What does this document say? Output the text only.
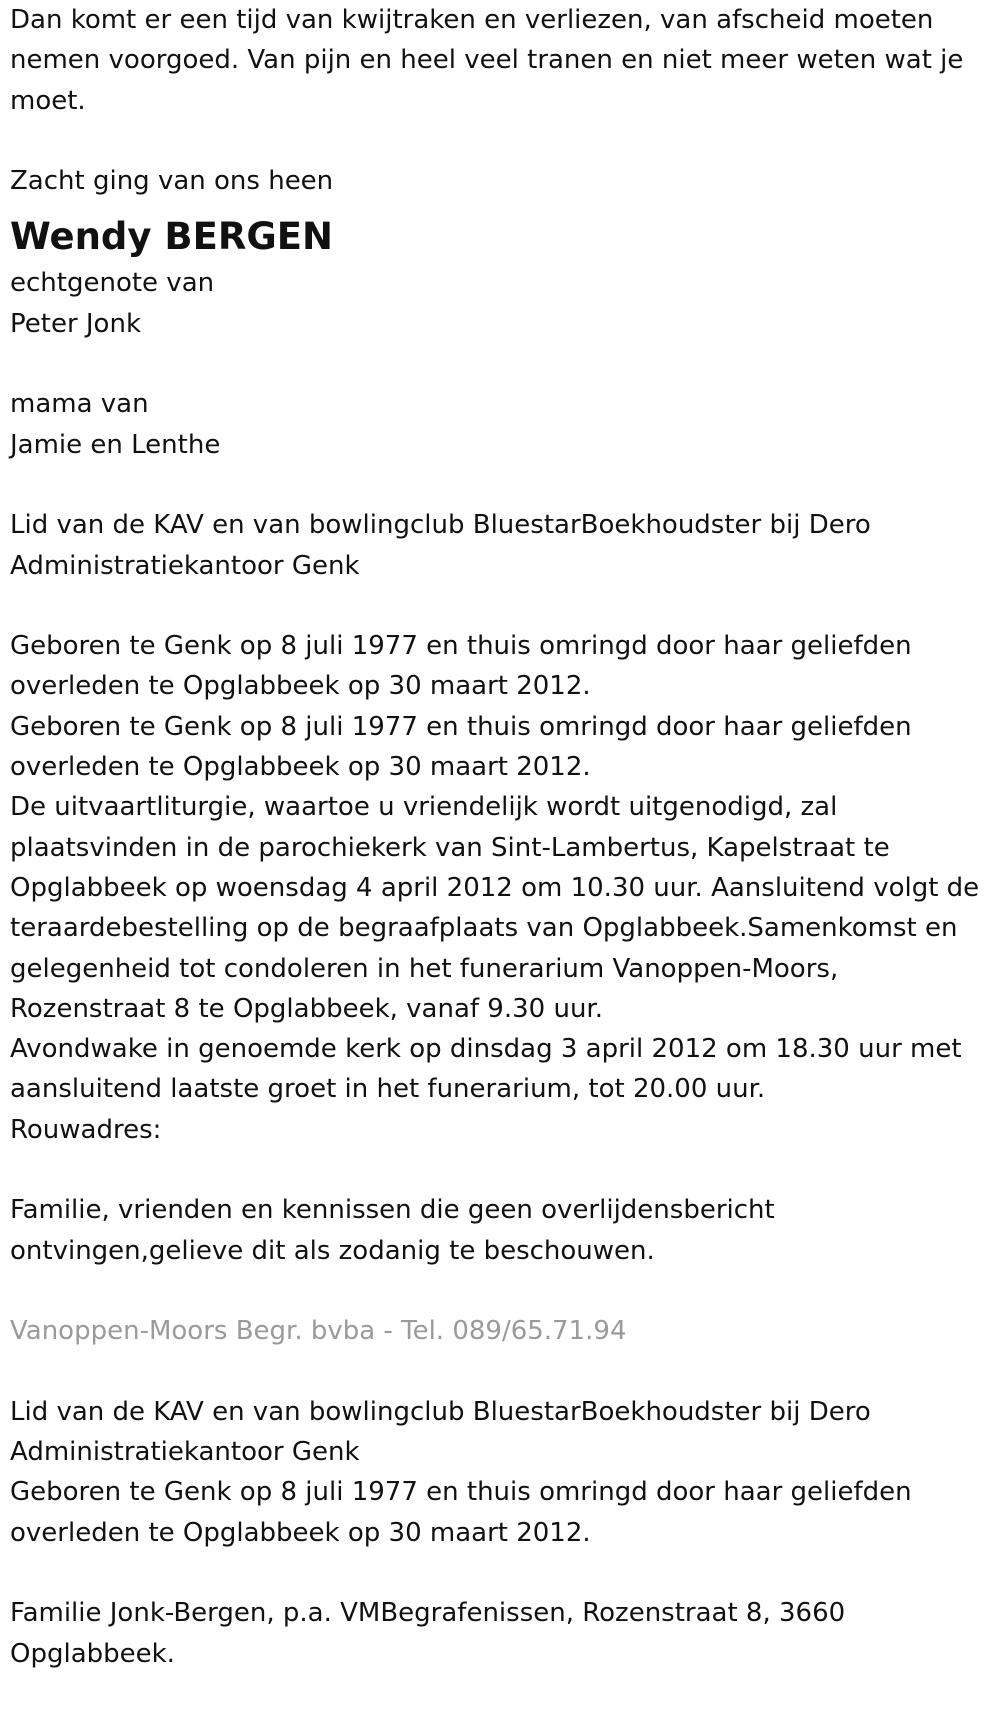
Dan komt er een tijd van kwijtraken en verliezen, van afscheid moeten nemen voorgoed. Van pijn en heel veel tranen en niet meer weten wat je moet.

Zacht ging van ons heen

Wendy BERGEN

echtgenote van

Peter Jonk

mama van

Jamie en Lenthe

Lid van de KAV en van bowlingclub BluestarBoekhoudster bij Dero Administratiekantoor Genk

Geboren te Genk op 8 juli 1977 en thuis omringd door haar geliefden overleden te Opglabbeek op 30 maart 2012.

Geboren te Genk op 8 juli 1977 en thuis omringd door haar geliefden overleden te Opglabbeek op 30 maart 2012.

De uitvaartliturgie, waartoe u vriendelijk wordt uitgenodigd, zal plaatsvinden in de parochiekerk van Sint-Lambertus, Kapelstraat te Opglabbeek op woensdag 4 april 2012 om 10.30 uur. Aansluitend volgt de teraardebestelling op de begraafplaats van Opglabbeek.Samenkomst en gelegenheid tot condoleren in het funerarium Vanoppen-Moors, Rozenstraat 8 te Opglabbeek, vanaf 9.30 uur.

Avondwake in genoemde kerk op dinsdag 3 april 2012 om 18.30 uur met aansluitend laatste groet in het funerarium, tot 20.00 uur.

Rouwadres:

Familie, vrienden en kennissen die geen overlijdensbericht ontvingen,gelieve dit als zodanig te beschouwen.

Vanoppen-Moors Begr. bvba - Tel. 089/65.71.94

Lid van de KAV en van bowlingclub BluestarBoekhoudster bij Dero Administratiekantoor Genk

Geboren te Genk op 8 juli 1977 en thuis omringd door haar geliefden overleden te Opglabbeek op 30 maart 2012.

Familie Jonk-Bergen, p.a. VMBegrafenissen, Rozenstraat 8, 3660 Opglabbeek.
